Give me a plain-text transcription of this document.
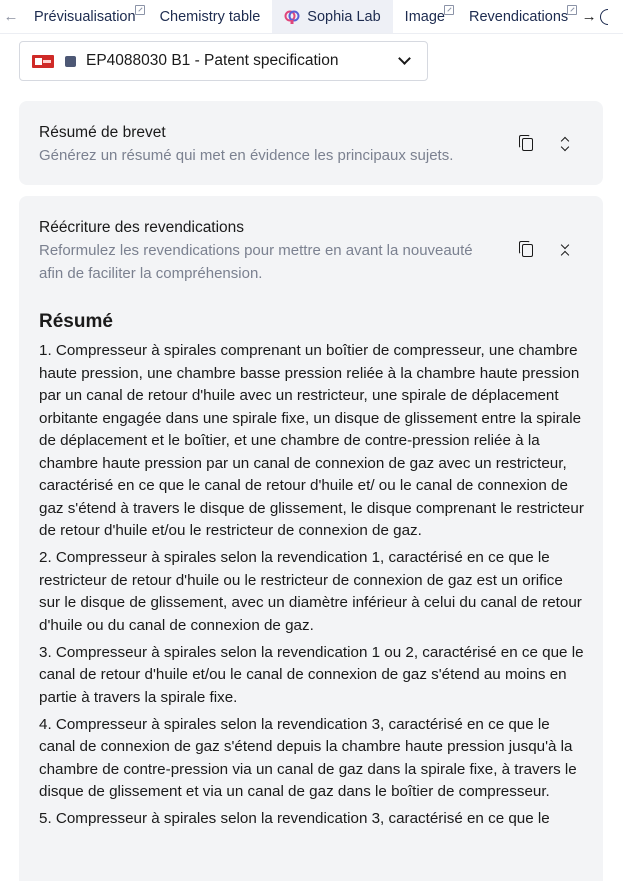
← Prévisualisation Chemistry table	Sophia Lab Image Revendications →
EP4088030 B1 - Patent specification
Résumé de brevet
Générez un résumé qui met en évidence les principaux sujets.
Réécriture des revendications
Reformulez les revendications pour mettre en avant la nouveauté
afin de faciliter la compréhension.
Résumé

1. Compresseur à spirales comprenant un boîtier de compresseur, une chambre haute pression, une chambre basse pression reliée à la chambre haute pression par un canal de retour d'huile avec un restricteur, une spirale de déplacement orbitante engagée dans une spirale fixe, un disque de glissement entre la spirale de déplacement et le boîtier, et une chambre de contre-pression reliée à la chambre haute pression par un canal de connexion de gaz avec un restricteur, caractérisé en ce que le canal de retour d'huile et/ ou le canal de connexion de gaz s'étend à travers le disque de glissement, le disque comprenant le restricteur de retour d'huile et/ou le restricteur de connexion de gaz.

2. Compresseur à spirales selon la revendication 1, caractérisé en ce que le restricteur de retour d'huile ou le restricteur de connexion de gaz est un orifice sur le disque de glissement, avec un diamètre inférieur à celui du canal de retour d'huile ou du canal de connexion de gaz.

3. Compresseur à spirales selon la revendication 1 ou 2, caractérisé en ce que le canal de retour d'huile et/ou le canal de connexion de gaz s'étend au moins en partie à travers la spirale fixe.

4. Compresseur à spirales selon la revendication 3, caractérisé en ce que le canal de connexion de gaz s'étend depuis la chambre haute pression jusqu'à la chambre de contre-pression via un canal de gaz dans la spirale fixe, à travers le disque de glissement et via un canal de gaz dans le boîtier de compresseur.

5. Compresseur à spirales selon la revendication 3, caractérisé en ce que le
